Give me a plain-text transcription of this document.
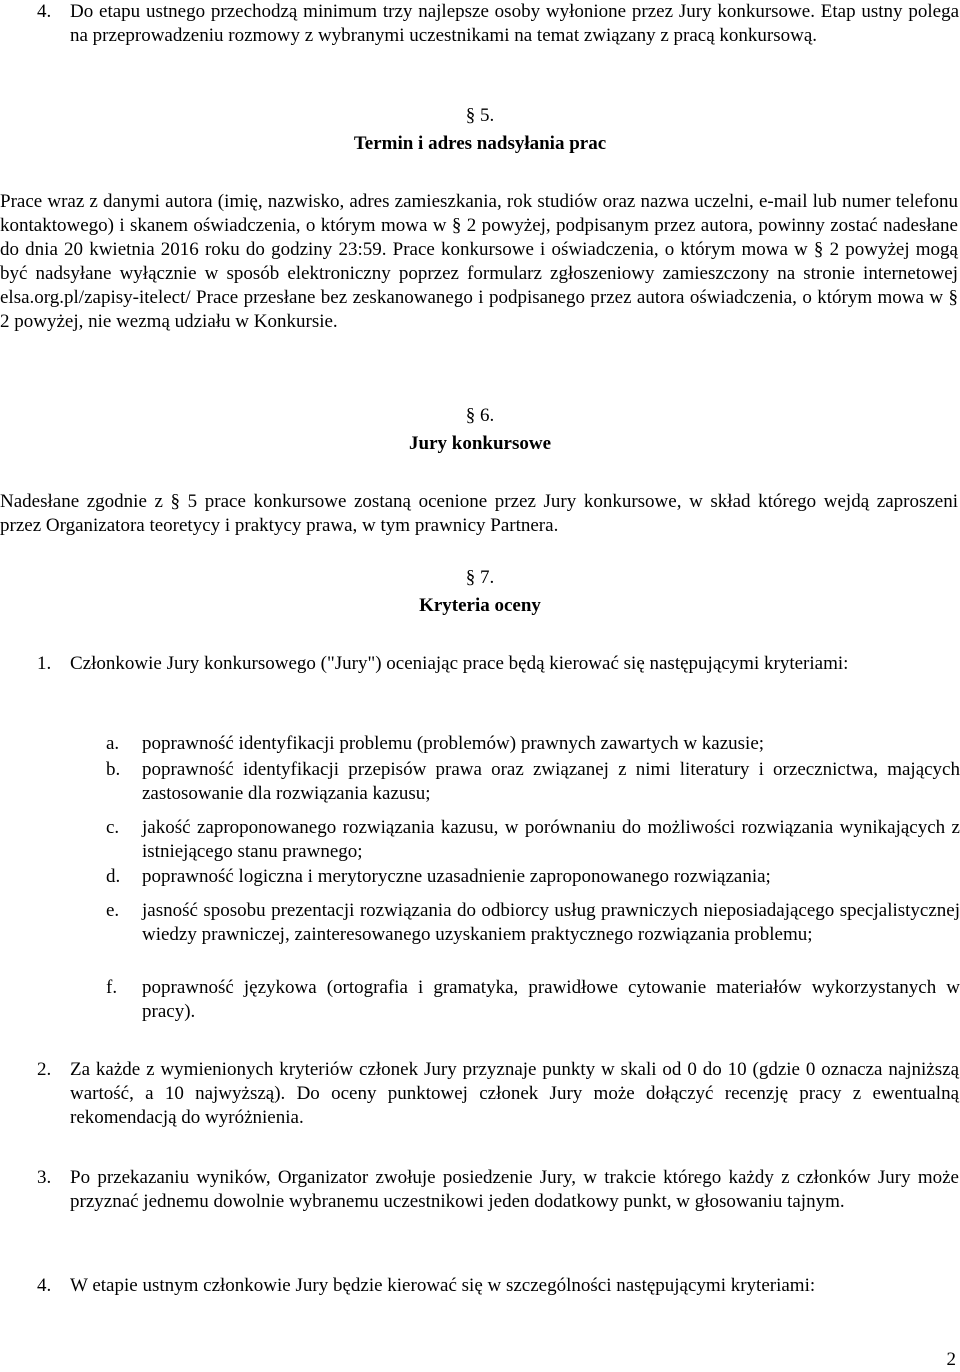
4. Do etapu ustnego przechodzą minimum trzy najlepsze osoby wyłonione przez Jury konkursowe. Etap ustny polega na przeprowadzeniu rozmowy z wybranymi uczestnikami na temat związany z pracą konkursową.
§ 5.
Termin i adres nadsyłania prac
Prace wraz z danymi autora (imię, nazwisko, adres zamieszkania, rok studiów oraz nazwa uczelni, e-mail lub numer telefonu kontaktowego) i skanem oświadczenia, o którym mowa w § 2 powyżej, podpisanym przez autora, powinny zostać nadesłane do dnia 20 kwietnia 2016 roku do godziny 23:59. Prace konkursowe i oświadczenia, o którym mowa w § 2 powyżej mogą być nadsyłane wyłącznie w sposób elektroniczny poprzez formularz zgłoszeniowy zamieszczony na stronie internetowej elsa.org.pl/zapisy-itelect/ Prace przesłane bez zeskanowanego i podpisanego przez autora oświadczenia, o którym mowa w § 2 powyżej, nie wezmą udziału w Konkursie.
§ 6.
Jury konkursowe
Nadesłane zgodnie z § 5 prace konkursowe zostaną ocenione przez Jury konkursowe, w skład którego wejdą zaproszeni przez Organizatora teoretycy i praktycy prawa, w tym prawnicy Partnera.
§ 7.
Kryteria oceny
1. Członkowie Jury konkursowego ("Jury") oceniając prace będą kierować się następującymi kryteriami:
a.	poprawność identyfikacji problemu (problemów) prawnych zawartych w kazusie;
b.	poprawność identyfikacji przepisów prawa oraz związanej z nimi literatury i orzecznictwa, mających zastosowanie dla rozwiązania kazusu;
c.	jakość zaproponowanego rozwiązania kazusu, w porównaniu do możliwości rozwiązania wynikających z istniejącego stanu prawnego;
d.	poprawność logiczna i merytoryczne uzasadnienie zaproponowanego rozwiązania;
e.	jasność sposobu prezentacji rozwiązania do odbiorcy usług prawniczych nieposiadającego specjalistycznej wiedzy prawniczej, zainteresowanego uzyskaniem praktycznego rozwiązania problemu;
f.	poprawność językowa (ortografia i gramatyka, prawidłowe cytowanie materiałów wykorzystanych w pracy).
2. Za każde z wymienionych kryteriów członek Jury przyznaje punkty w skali od 0 do 10 (gdzie 0 oznacza najniższą wartość, a 10 najwyższą). Do oceny punktowej członek Jury może dołączyć recenzję pracy z ewentualną rekomendacją do wyróżnienia.
3. Po przekazaniu wyników, Organizator zwołuje posiedzenie Jury, w trakcie którego każdy z członków Jury może przyznać jednemu dowolnie wybranemu uczestnikowi jeden dodatkowy punkt, w głosowaniu tajnym.
4. W etapie ustnym członkowie Jury będzie kierować się w szczególności następującymi kryteriami:
2
